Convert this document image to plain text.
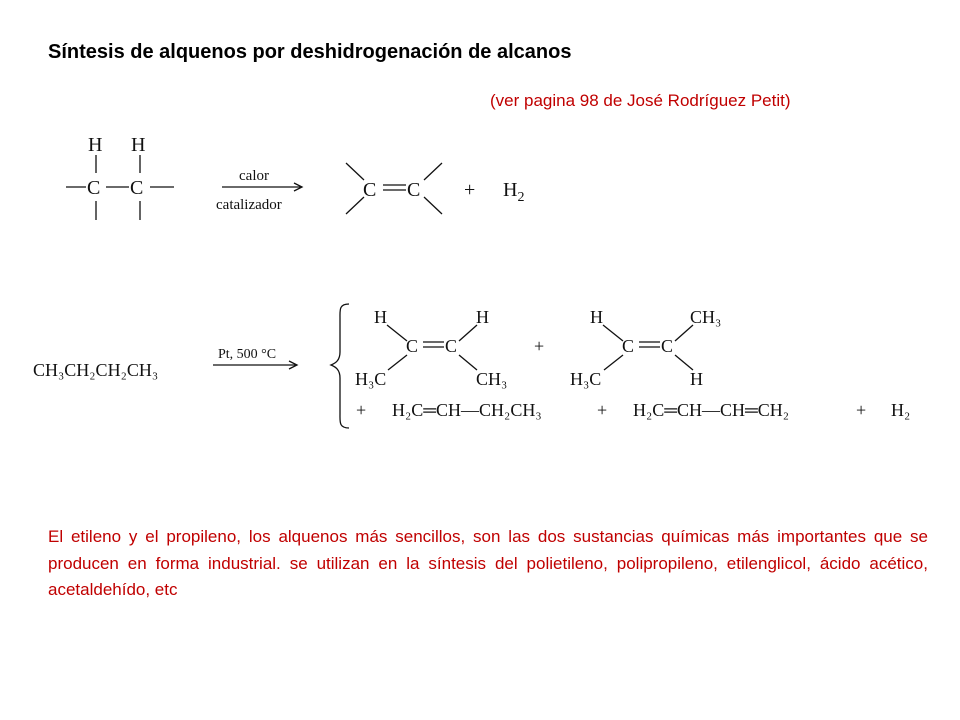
Síntesis de alquenos por deshidrogenación de alcanos
(ver pagina 98 de José Rodríguez Petit)
H H
C C
calor
catalizador
C $C + H_2$
CH₃CH₂CH₂CH₃
Pt, 500 °C
H	H
C C
H₃C	CH₃
+
H	CH₃
C C
H₃C	H
+ H₂C═CH—CH₂CH₃	+ H₂C═CH—CH═CH₂	+ H₂
El etileno y el propileno, los alquenos más sencillos, son las dos sustancias químicas más importantes que se producen en forma industrial. se utilizan en la síntesis del polietileno, polipropileno, etilenglicol, ácido acético, acetaldehído, etc
